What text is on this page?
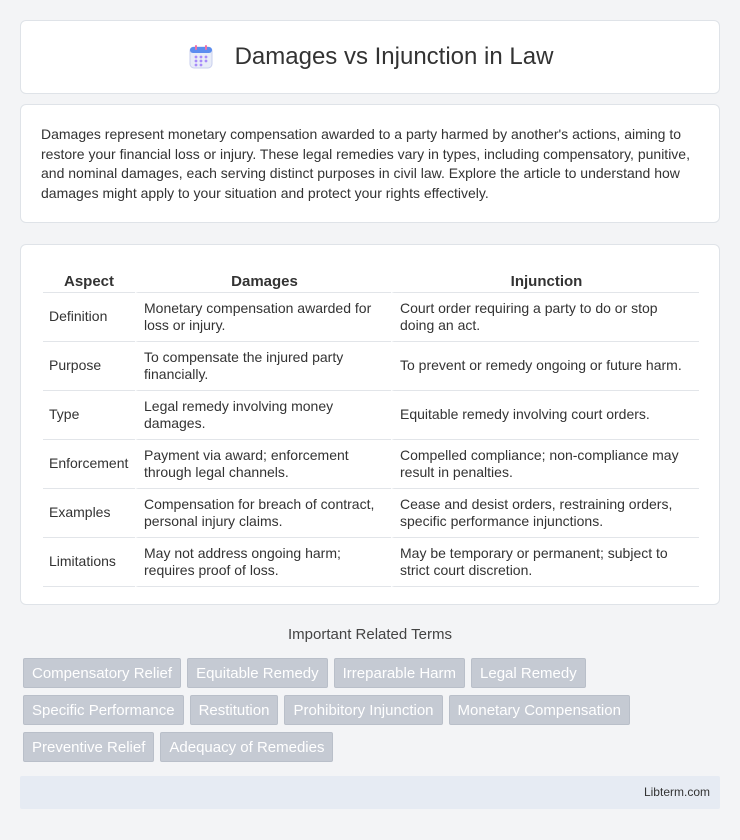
Damages vs Injunction in Law

Damages represent monetary compensation awarded to a party harmed by another's actions, aiming to restore your financial loss or injury. These legal remedies vary in types, including compensatory, punitive, and nominal damages, each serving distinct purposes in civil law. Explore the article to understand how damages might apply to your situation and protect your rights effectively.

Aspect	Damages	Injunction
Definition	Monetary compensation awarded for loss or injury.	Court order requiring a party to do or stop doing an act.
Purpose	To compensate the injured party financially.	To prevent or remedy ongoing or future harm.
Type	Legal remedy involving money damages.	Equitable remedy involving court orders.
Enforcement	Payment via award; enforcement through legal channels.	Compelled compliance; non-compliance may result in penalties.
Examples	Compensation for breach of contract, personal injury claims.	Cease and desist orders, restraining orders, specific performance injunctions.
Limitations	May not address ongoing harm; requires proof of loss.	May be temporary or permanent; subject to strict court discretion.
Important Related Terms
Compensatory Relief	Equitable Remedy	Irreparable Harm	Legal Remedy
Specific Performance	Restitution	Prohibitory Injunction	Monetary Compensation
Preventive Relief	Adequacy of Remedies
Libterm.com
